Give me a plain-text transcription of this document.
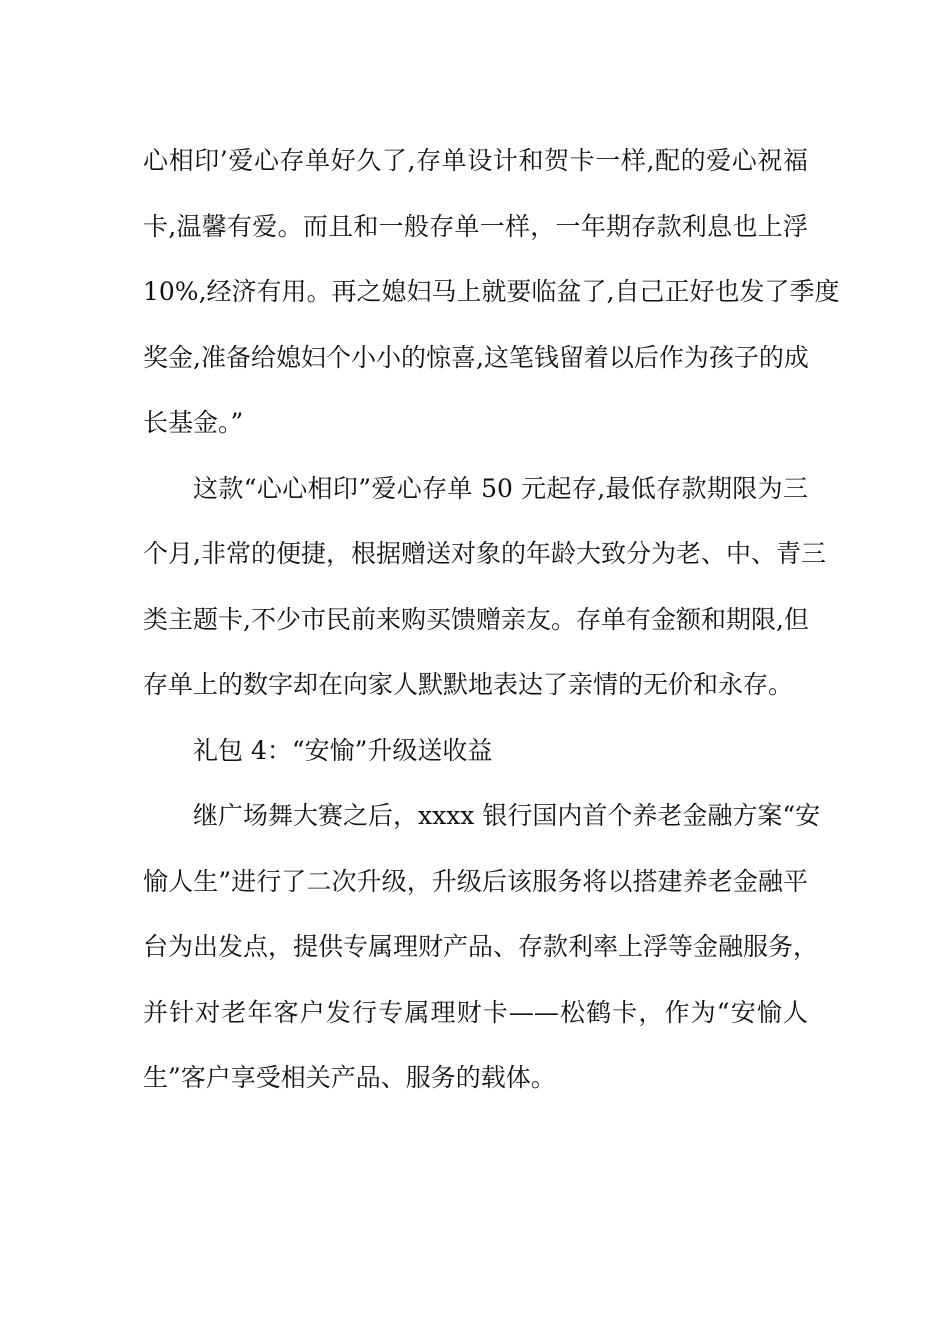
心相印’爱心存单好久了,存单设计和贺卡一样,配的爱心祝福
卡,温馨有爱。而且和一般存单一样，一年期存款利息也上浮
10%,经济有用。再之媳妇马上就要临盆了,自己正好也发了季度
奖金,准备给媳妇个小小的惊喜,这笔钱留着以后作为孩子的成
长基金。”
这款“心心相印”爱心存单 50 元起存,最低存款期限为三
个月,非常的便捷，根据赠送对象的年龄大致分为老、中、青三
类主题卡,不少市民前来购买馈赠亲友。存单有金额和期限,但
存单上的数字却在向家人默默地表达了亲情的无价和永存。
礼包 4：“安愉”升级送收益
继广场舞大赛之后，xxxx 银行国内首个养老金融方案“安
愉人生”进行了二次升级，升级后该服务将以搭建养老金融平
台为出发点，提供专属理财产品、存款利率上浮等金融服务，
并针对老年客户发行专属理财卡——松鹤卡，作为“安愉人
生”客户享受相关产品、服务的载体。
